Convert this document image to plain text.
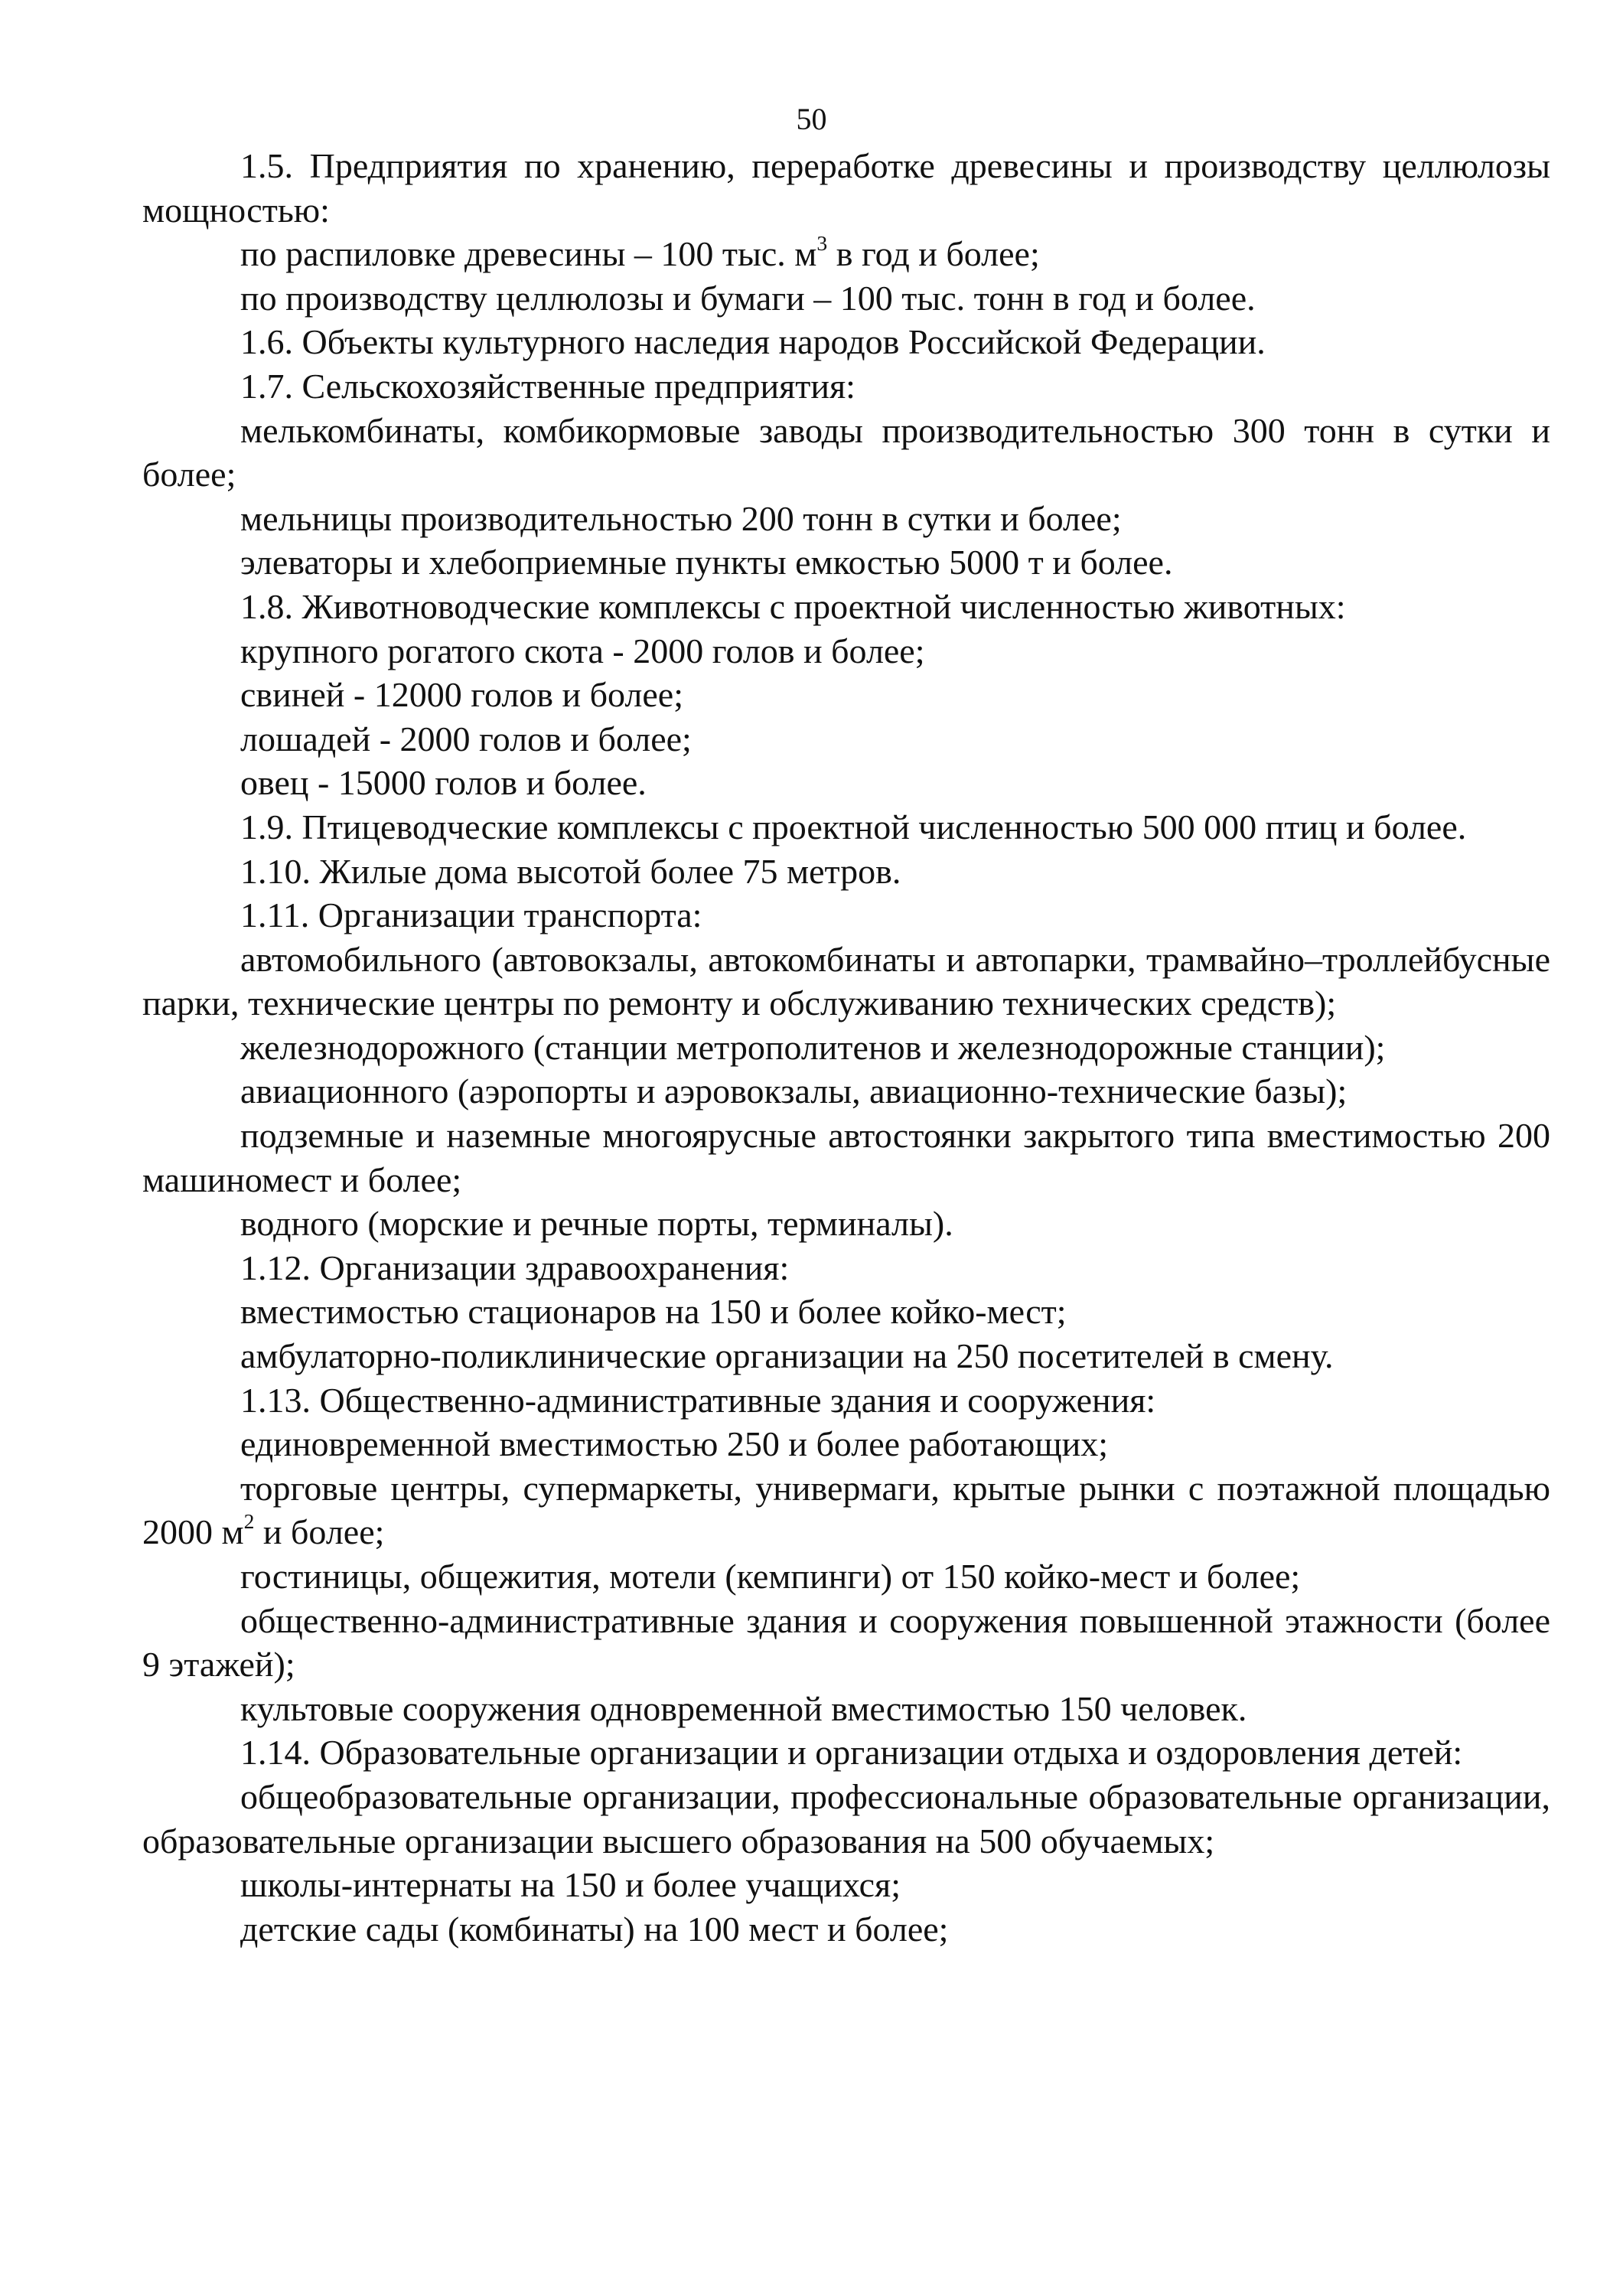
50

1.5. Предприятия по хранению, переработке древесины и производству целлюлозы мощностью:

по распиловке древесины – 100 тыс. $м^3$ в год и более;

по производству целлюлозы и бумаги – 100 тыс. тонн в год и более.

1.6. Объекты культурного наследия народов Российской Федерации.

1.7. Сельскохозяйственные предприятия:

мелькомбинаты, комбикормовые заводы производительностью 300 тонн в сутки и более;

мельницы производительностью 200 тонн в сутки и более;

элеваторы и хлебоприемные пункты емкостью 5000 т и более.

1.8. Животноводческие комплексы с проектной численностью животных:

крупного рогатого скота - 2000 голов и более;

свиней - 12000 голов и более;

лошадей - 2000 голов и более;

овец - 15000 голов и более.

1.9. Птицеводческие комплексы с проектной численностью 500 000 птиц и более.

1.10. Жилые дома высотой более 75 метров.

1.11. Организации транспорта:

автомобильного (автовокзалы, автокомбинаты и автопарки, трамвайно–троллейбусные парки, технические центры по ремонту и обслуживанию технических средств);

железнодорожного (станции метрополитенов и железнодорожные станции);

авиационного (аэропорты и аэровокзалы, авиационно-технические базы);

подземные и наземные многоярусные автостоянки закрытого типа вместимостью 200 машиномест и более;

водного (морские и речные порты, терминалы).

1.12. Организации здравоохранения:

вместимостью стационаров на 150 и более койко-мест;

амбулаторно-поликлинические организации на 250 посетителей в смену.

1.13. Общественно-административные здания и сооружения:

единовременной вместимостью 250 и более работающих;

торговые центры, супермаркеты, универмаги, крытые рынки с поэтажной площадью 2000 $м^2$ и более;

гостиницы, общежития, мотели (кемпинги) от 150 койко-мест и более;

общественно-административные здания и сооружения повышенной этажности (более 9 этажей);

культовые сооружения одновременной вместимостью 150 человек.

1.14. Образовательные организации и организации отдыха и оздоровления детей:

общеобразовательные организации, профессиональные образовательные организации, образовательные организации высшего образования на 500 обучаемых;

школы-интернаты на 150 и более учащихся;

детские сады (комбинаты) на 100 мест и более;
